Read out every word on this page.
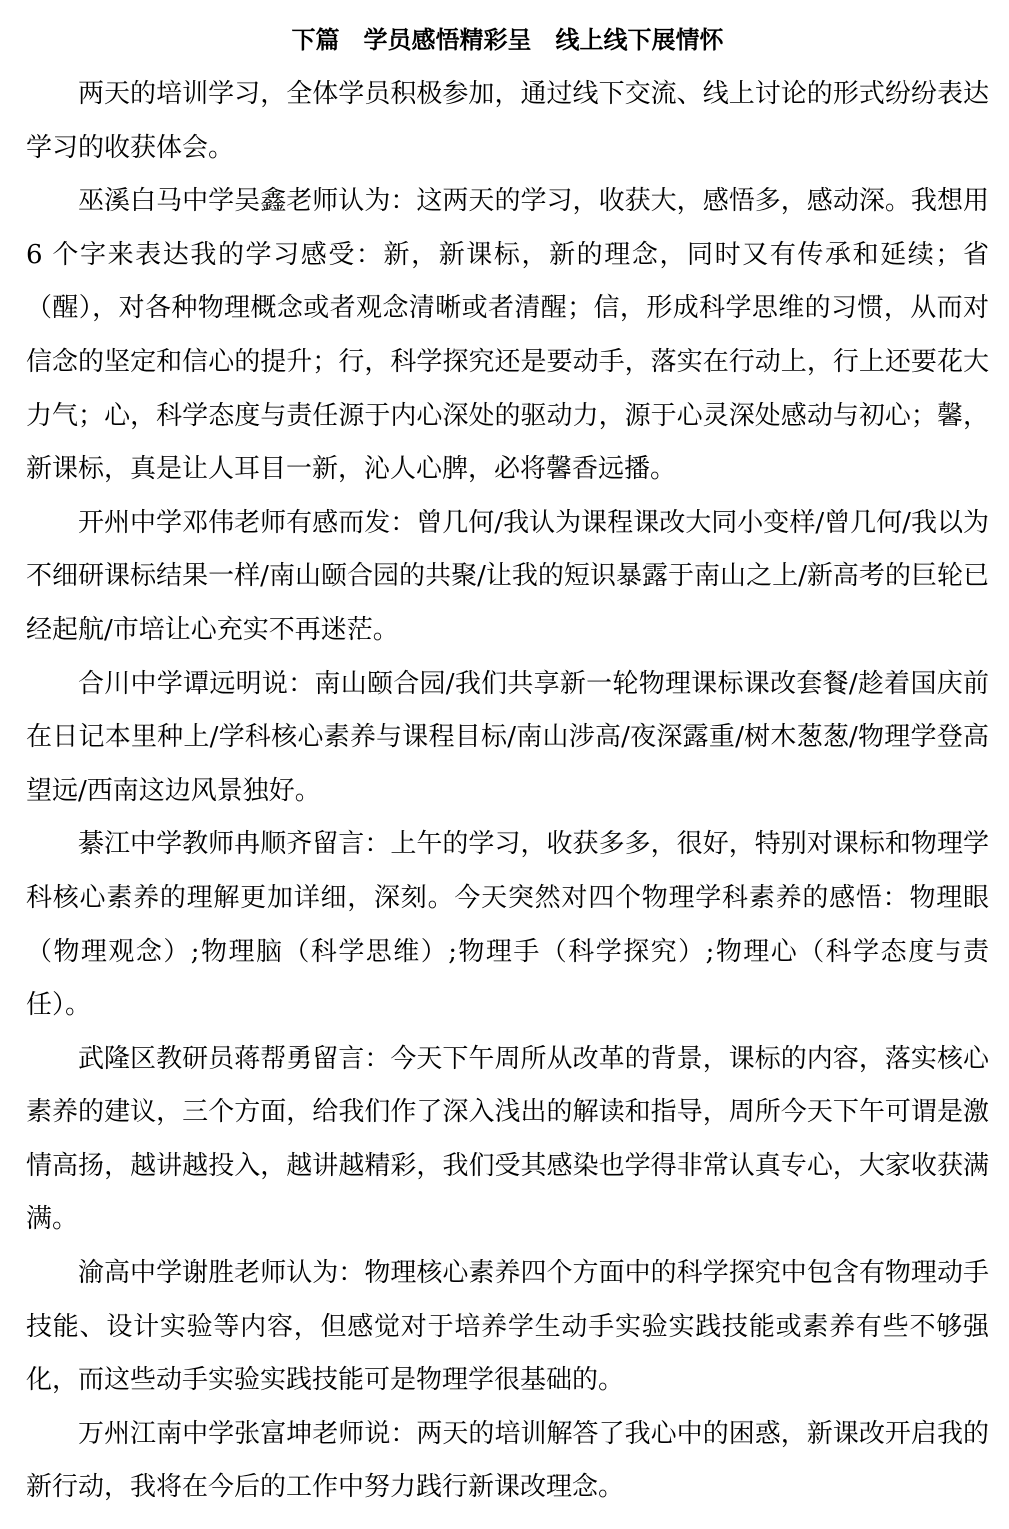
下篇　学员感悟精彩呈　线上线下展情怀

两天的培训学习，全体学员积极参加，通过线下交流、线上讨论的形式纷纷表达学习的收获体会。

巫溪白马中学吴鑫老师认为：这两天的学习，收获大，感悟多，感动深。我想用 6 个字来表达我的学习感受：新，新课标，新的理念，同时又有传承和延续；省（醒），对各种物理概念或者观念清晰或者清醒；信，形成科学思维的习惯，从而对信念的坚定和信心的提升；行，科学探究还是要动手，落实在行动上，行上还要花大力气；心，科学态度与责任源于内心深处的驱动力，源于心灵深处感动与初心；馨，新课标，真是让人耳目一新，沁人心脾，必将馨香远播。

开州中学邓伟老师有感而发：曾几何/我认为课程课改大同小变样/曾几何/我以为不细研课标结果一样/南山颐合园的共聚/让我的短识暴露于南山之上/新高考的巨轮已经起航/市培让心充实不再迷茫。

合川中学谭远明说：南山颐合园/我们共享新一轮物理课标课改套餐/趁着国庆前在日记本里种上/学科核心素养与课程目标/南山涉高/夜深露重/树木葱葱/物理学登高望远/西南这边风景独好。

綦江中学教师冉顺齐留言：上午的学习，收获多多，很好，特别对课标和物理学科核心素养的理解更加详细，深刻。今天突然对四个物理学科素养的感悟：物理眼（物理观念）;物理脑（科学思维）;物理手（科学探究）;物理心（科学态度与责任）。

武隆区教研员蒋帮勇留言：今天下午周所从改革的背景，课标的内容，落实核心素养的建议，三个方面，给我们作了深入浅出的解读和指导，周所今天下午可谓是激情高扬，越讲越投入，越讲越精彩，我们受其感染也学得非常认真专心，大家收获满满。

渝高中学谢胜老师认为：物理核心素养四个方面中的科学探究中包含有物理动手技能、设计实验等内容，但感觉对于培养学生动手实验实践技能或素养有些不够强化，而这些动手实验实践技能可是物理学很基础的。

万州江南中学张富坤老师说：两天的培训解答了我心中的困惑，新课改开启我的新行动，我将在今后的工作中努力践行新课改理念。
